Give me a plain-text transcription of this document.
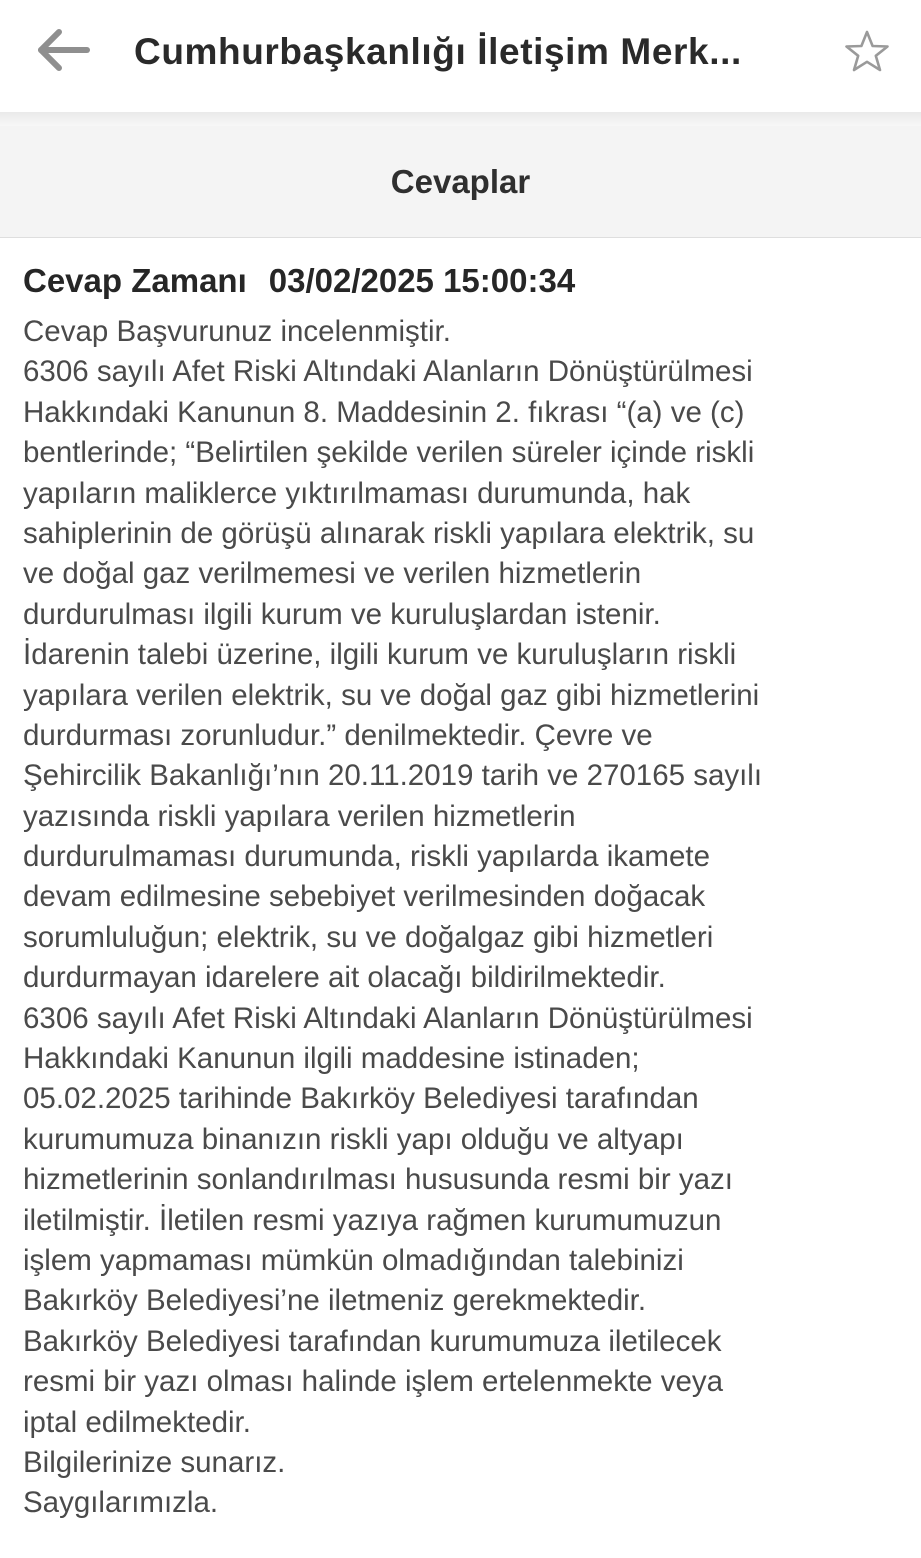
Cumhurbaşkanlığı İletişim Merk...
Cevaplar
Cevap Zamanı 03/02/2025 15:00:34
Cevap Başvurunuz incelenmiştir.
6306 sayılı Afet Riski Altındaki Alanların Dönüştürülmesi
Hakkındaki Kanunun 8. Maddesinin 2. fıkrası “(a) ve (c)
bentlerinde; “Belirtilen şekilde verilen süreler içinde riskli
yapıların maliklerce yıktırılmaması durumunda, hak
sahiplerinin de görüşü alınarak riskli yapılara elektrik, su
ve doğal gaz verilmemesi ve verilen hizmetlerin
durdurulması ilgili kurum ve kuruluşlardan istenir.
İdarenin talebi üzerine, ilgili kurum ve kuruluşların riskli
yapılara verilen elektrik, su ve doğal gaz gibi hizmetlerini
durdurması zorunludur.” denilmektedir. Çevre ve
Şehircilik Bakanlığı’nın 20.11.2019 tarih ve 270165 sayılı
yazısında riskli yapılara verilen hizmetlerin
durdurulmaması durumunda, riskli yapılarda ikamete
devam edilmesine sebebiyet verilmesinden doğacak
sorumluluğun; elektrik, su ve doğalgaz gibi hizmetleri
durdurmayan idarelere ait olacağı bildirilmektedir.
6306 sayılı Afet Riski Altındaki Alanların Dönüştürülmesi
Hakkındaki Kanunun ilgili maddesine istinaden;
05.02.2025 tarihinde Bakırköy Belediyesi tarafından
kurumumuza binanızın riskli yapı olduğu ve altyapı
hizmetlerinin sonlandırılması hususunda resmi bir yazı
iletilmiştir. İletilen resmi yazıya rağmen kurumumuzun
işlem yapmaması mümkün olmadığından talebinizi
Bakırköy Belediyesi’ne iletmeniz gerekmektedir.
Bakırköy Belediyesi tarafından kurumumuza iletilecek
resmi bir yazı olması halinde işlem ertelenmekte veya
iptal edilmektedir.
Bilgilerinize sunarız.
Saygılarımızla.
